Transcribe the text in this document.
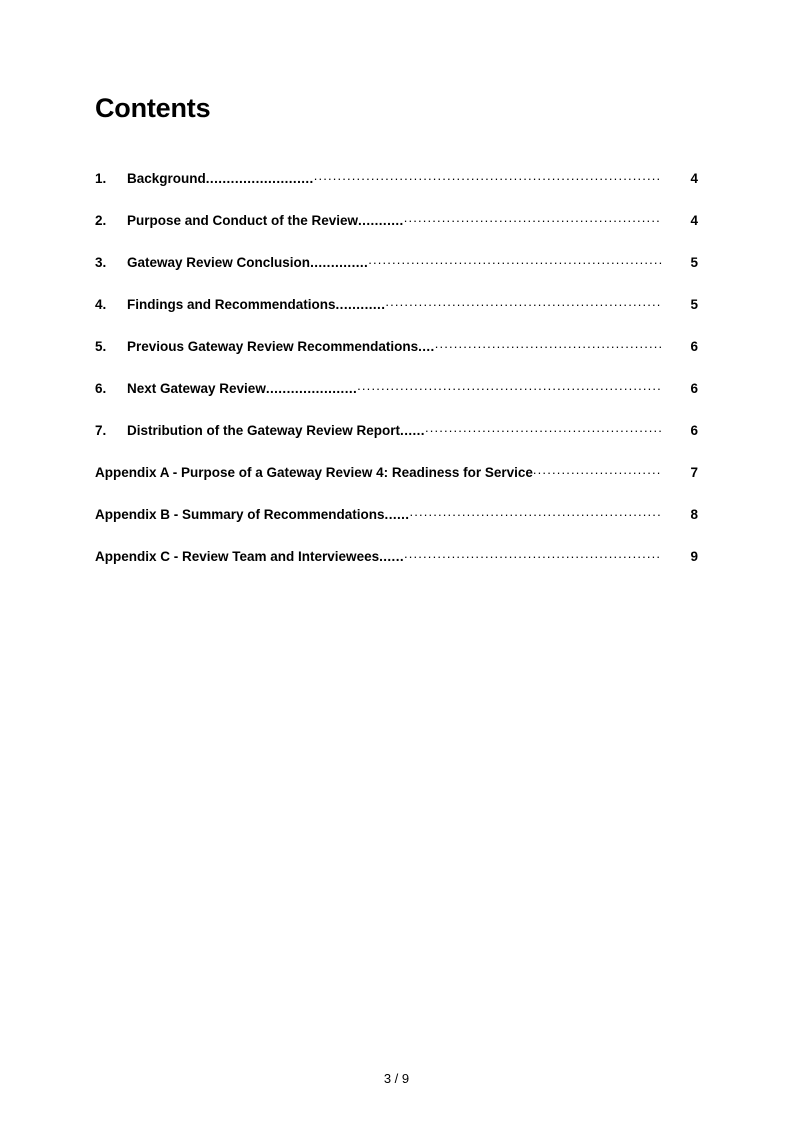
Contents
1.	Background .......................... .....	4
2.	Purpose and Conduct of the Review ........... .....	4
3.	Gateway Review Conclusion .............. .....	5
4.	Findings and Recommendations ............ .....	5
5.	Previous Gateway Review Recommendations .... .....	6
6.	Next Gateway Review ...................... .....	6
7.	Distribution of the Gateway Review Report ...... .....	6
Appendix A - Purpose of a Gateway Review 4: Readiness for Service .....	7
Appendix B - Summary of Recommendations ...... .....	8
Appendix C - Review Team and Interviewees ...... .....	9
3 / 9
